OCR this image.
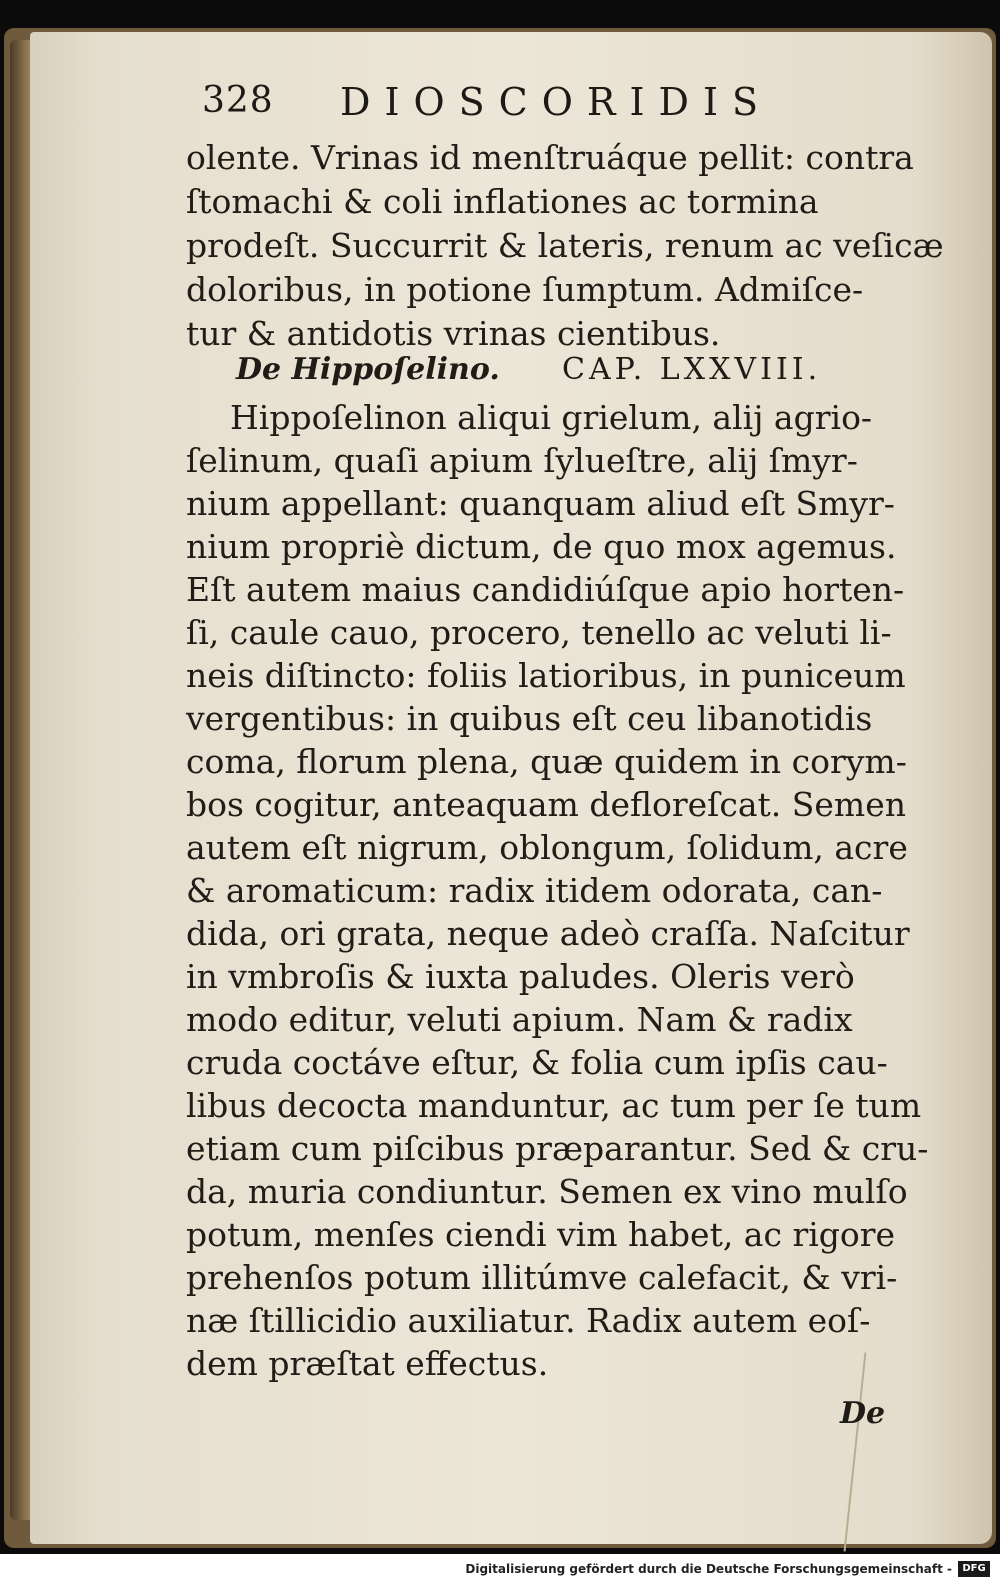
328 DIOSCORIDIS
olente. Vrinas id menſtruáque pellit: contra
ſtomachi & coli inflationes ac tormina
prodeſt. Succurrit & lateris, renum ac veſicæ
doloribus, in potione ſumptum. Admiſce-
tur & antidotis vrinas cientibus.
De Hippoſelino. CAP. LXXVIII.
Hippoſelinon aliqui grielum, alij agrio-
ſelinum, quaſi apium ſylueſtre, alij ſmyr-
nium appellant: quanquam aliud eſt Smyr-
nium propriè dictum, de quo mox agemus.
Eſt autem maius candidiúſque apio horten-
ſi, caule cauo, procero, tenello ac veluti li-
neis diſtincto: foliis latioribus, in puniceum
vergentibus: in quibus eſt ceu libanotidis
coma, florum plena, quæ quidem in corym-
bos cogitur, anteaquam defloreſcat. Semen
autem eſt nigrum, oblongum, ſolidum, acre
& aromaticum: radix itidem odorata, can-
dida, ori grata, neque adeò craſſa. Naſcitur
in vmbroſis & iuxta paludes. Oleris verò
modo editur, veluti apium. Nam & radix
cruda coctáve eſtur, & folia cum ipſis cau-
libus decocta manduntur, ac tum per ſe tum
etiam cum piſcibus præparantur. Sed & cru-
da, muria condiuntur. Semen ex vino mulſo
potum, menſes ciendi vim habet, ac rigore
prehenſos potum illitúmve calefacit, & vri-
næ ſtillicidio auxiliatur. Radix autem eoſ-
dem præſtat effectus.
De
Digitalisierung gefördert durch die Deutsche Forschungsgemeinschaft -	DFG
